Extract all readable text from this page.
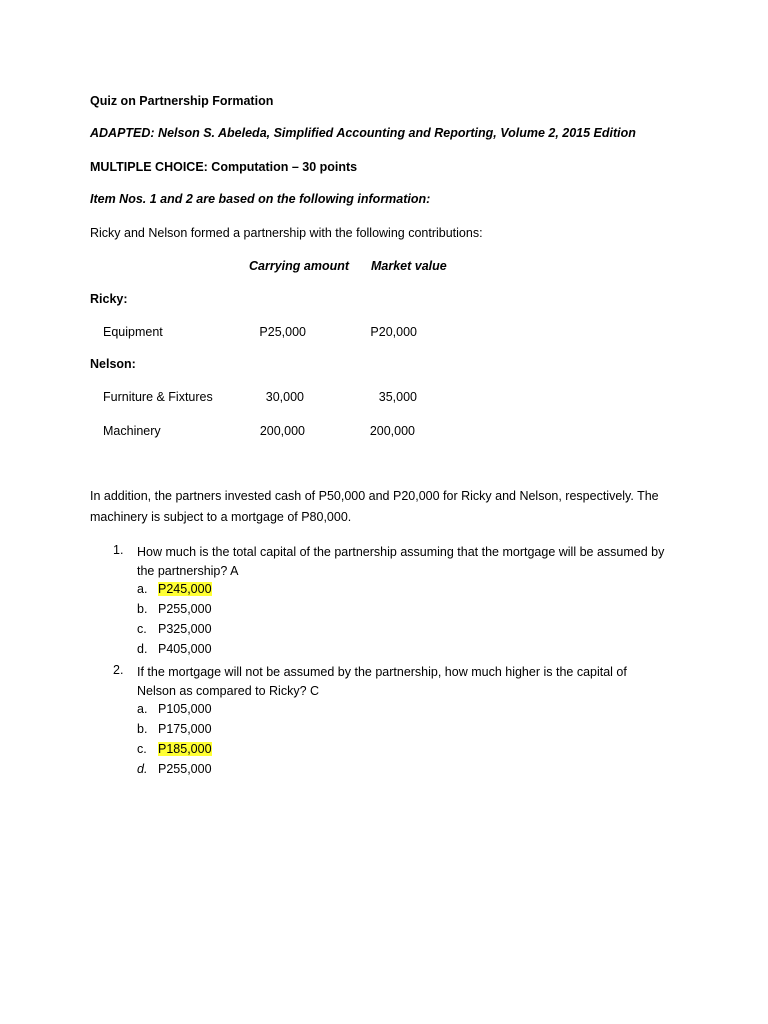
Quiz on Partnership Formation
ADAPTED: Nelson S. Abeleda, Simplified Accounting and Reporting, Volume 2, 2015 Edition
MULTIPLE CHOICE: Computation – 30 points
Item Nos. 1 and 2 are based on the following information:
Ricky and Nelson formed a partnership with the following contributions:
Carrying amount Market value
Ricky:
Equipment	P25,000	P20,000
Nelson:
Furniture & Fixtures	30,000	35,000
Machinery	200,000	200,000
In addition, the partners invested cash of P50,000 and P20,000 for Ricky and Nelson, respectively. The
machinery is subject to a mortgage of P80,000.
1. How much is the total capital of the partnership assuming that the mortgage will be assumed by
the partnership? A
a. P245,000
b. P255,000
c. P325,000
d. P405,000
2. If the mortgage will not be assumed by the partnership, how much higher is the capital of
Nelson as compared to Ricky? C
a. P105,000
b. P175,000
c. P185,000
d. P255,000
